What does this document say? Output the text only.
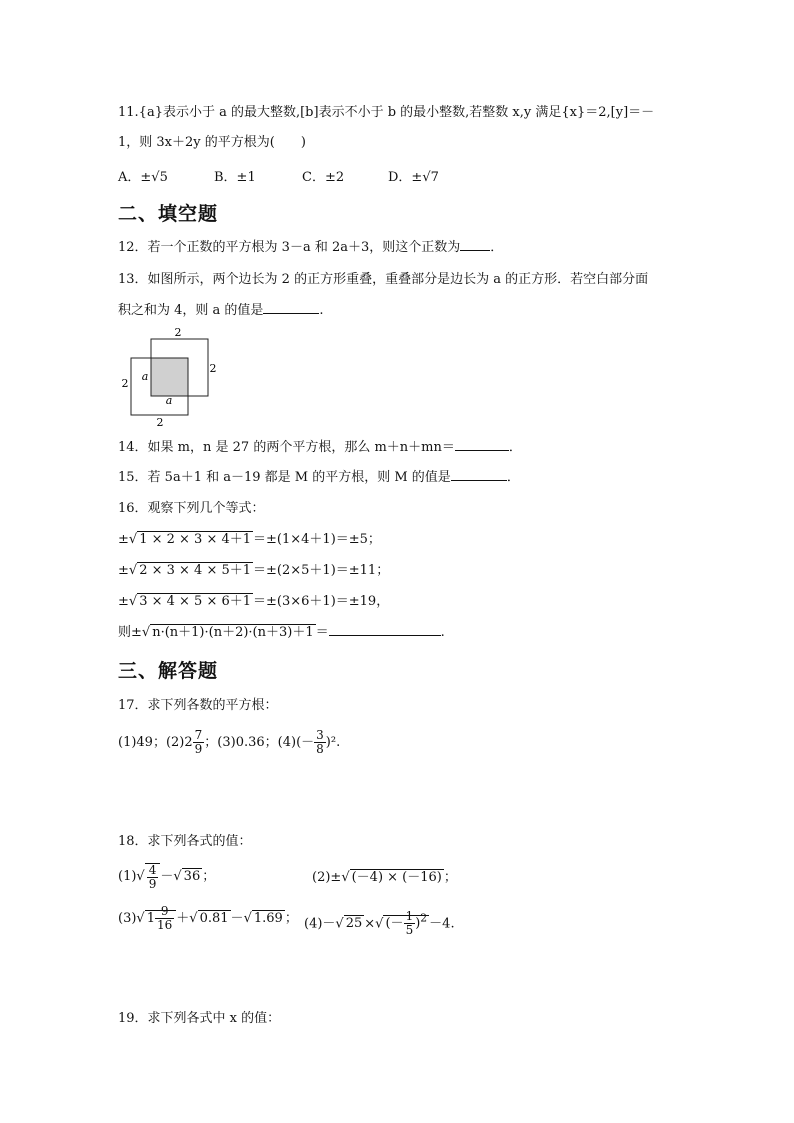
11.{a}表示小于 a 的最大整数,[b]表示不小于 b 的最小整数,若整数 x,y 满足{x}＝2,[y]＝－
1，则 3x＋2y 的平方根为(　　)
A．±√5	B．±1	C．±2	D．±√7
二、填空题
12．若一个正数的平方根为 3－a 和 2a＋3，则这个正数为 ．
13．如图所示，两个边长为 2 的正方形重叠，重叠部分是边长为 a 的正方形．若空白部分面
积之和为 4，则 a 的值是	.
2
2
2
2
a
a
14．如果 m，n 是 27 的两个平方根，那么 m＋n＋mn＝	．
15．若 5a＋1 和 a－19 都是 M 的平方根，则 M 的值是	．
16．观察下列几个等式：
±√ 1 × 2 × 3 × 4＋1 ＝±(1×4＋1)＝±5；
±√ 2 × 3 × 4 × 5＋1 ＝±(2×5＋1)＝±11；
±√ 3 × 4 × 5 × 6＋1 ＝±(3×6＋1)＝±19，
则±√ n·(n＋1)·(n＋2)·(n＋3)＋1 ＝	.
三、解答题
17．求下列各数的平方根：
(1)49；$(2)2 \frac{7}{9}$ ；(3)0.36；$(4)(- \frac{3}{8} )^2$.
18．求下列各式的值：
$(1)√ \frac{4}{9}$ －√ 36 ；	(2)±√ (－4) × (－16) ；
(3)√ $1 \frac{9}{16}$ ＋√ 0.81 －√ 1.69 ； (4)－√ 25 ×√ (－ $\frac{1}{5} )^2 -4$.
19．求下列各式中 x 的值：
